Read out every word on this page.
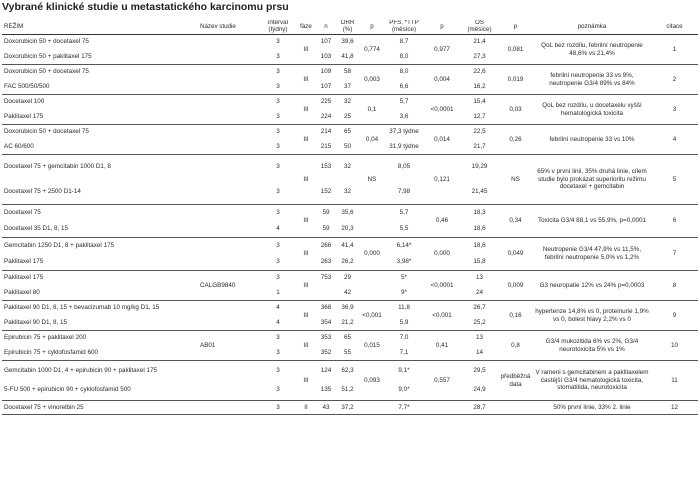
Vybrané klinické studie u metastatického karcinomu prsu
REŽIM	Název studie	interval (týdny)	fáze	n	ORR (%)	p	PFS, *TTP (měsíce)	p	OS (měsíce)	p	poznámka	citace
Doxorubicin 50 + docetaxel 75		3	III	107	39,6	0,774	8,7	0,977	21,4	0,081	QoL bez rozdílu, febrilní neutropenie 48,6% vs 21,4%	1
Doxorubicin 50 + paklitaxel 175		3		103	41,8		8,0		27,3			
Doxorubicin 50 + docetaxel 75		3	III	109	58	0,003	8,0	0,004	22,6	0,019	febrilní neutropenie 33 vs 9%, neutropenie G3/4 89% vs 84%	2
FAC 500/50/500		3		107	37		6,6		16,2			
Docetaxel 100		3	III	225	32	0,1	5,7	<0,0001	15,4	0,03	QoL bez rozdílu, u docetaxelu vyšší hematologická toxicita	3
Paklitaxel 175		3		224	25		3,6		12,7			
Doxorubicin 50 + docetaxel 75		3	III	214	65	0,04	37,3 týdne	0,014	22,5	0,26	febrilní neutropenie 33 vs 10%	4
AC 60/600		3		215	50		31,9 týdne		21,7			
Docetaxel 75 + gemcitabin 1000 D1, 8		3	III	153	32	NS	8,05	0,121	19,29	NS	65% v první linii, 35% druhá linie, cílem studie bylo prokázat superioritu režimu docetaxel + gemcitabin	5
Docetaxel 75 + 2500 D1-14		3		152	32		7,98		21,45			
Docetaxel 75		3	III	59	35,6		5,7	0,46	18,3	0,34	Toxicita G3/4 88,1 vs 55,9%, p=0,0001	6
Docetaxel 35 D1, 8, 15		4		59	20,3		5,5		18,6			
Gemcitabin 1250 D1, 8 + paklitaxel 175		3	III	266	41,4	0,000	6,14*	0,000	18,6	0,049	Neutropenie G3/4 47,9% vs 11,5%, febrilní neutropenie 5,0% vs 1,2%	7
Paklitaxel 175		3		263	26,2		3,98*		15,8			
Paklitaxel 175	CALGB9840	3	III	753	29		5*	<0,0001	13	0,009	G3 neuropatie 12% vs 24% p=0,0003	8
Paklitaxel 80		1			42		9*		24			
Paklitaxel 90 D1, 8, 15 + bevacizumab 10 mg/kg D1, 15		4	III	368	36,9	<0,001	11,8	<0,001	26,7	0,16	hypertenze 14,8% vs 0, proteinurie 1,9% vs 0, bolest hlavy 2,2% vs 0	9
Paklitaxel 90 D1, 8, 15		4		354	21,2		5,9		25,2			
Epirubicin 75 + paklitaxel 200	AB01	3	III	353	65	0,015	7,0	0,41	13	0,8	G3/4 mukozitida 6% vs 2%, G3/4 neurotoxicita 5% vs 1%	10
Epirubicin 75 + cyklofosfamid 600		3		352	55		7,1		14			
Gemcitabin 1000 D1, 4 + epirubicin 90 + paklitaxel 175		3	III	124	62,3	0,093	9,1*	0,557	29,5	předběžná data	V rameni s gemcitabinem a paklitaxelem častější G3/4 hematologická toxicita, stomatitida, neurotoxicita	11
5-FU 500 + epirubicin 90 + cyklofosfamid 500		3		135	51,2		9,0*		24,9			
Docetaxel 75 + vinorelbin 25		3	II	43	37,2		7,7*		28,7		50% první linie, 33% 2. linie	12
